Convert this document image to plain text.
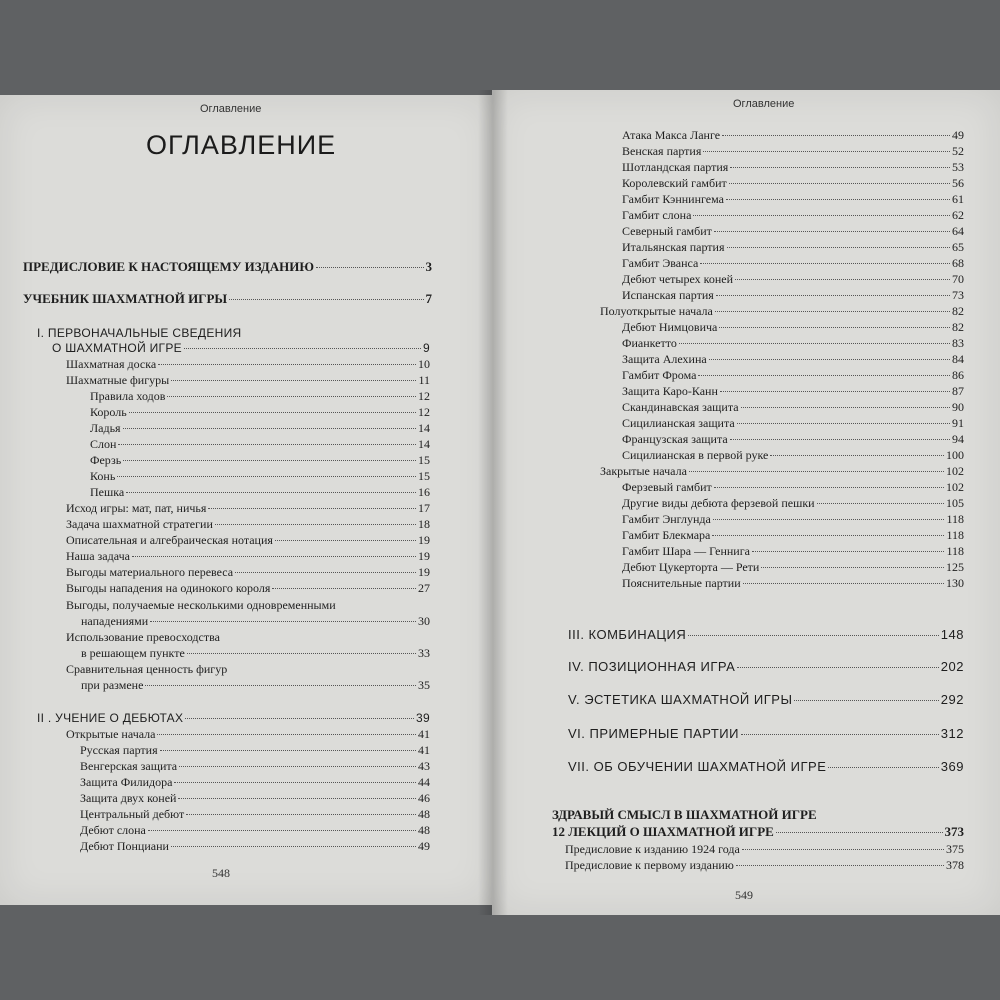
Оглавление
ОГЛАВЛЕНИЕ
ПРЕДИСЛОВИЕ К НАСТОЯЩЕМУ ИЗДАНИЮ	3
УЧЕБНИК ШАХМАТНОЙ ИГРЫ	7
I. ПЕРВОНАЧАЛЬНЫЕ СВЕДЕНИЯ
О ШАХМАТНОЙ ИГРЕ	9
Шахматная доска	10
Шахматные фигуры	11
Правила ходов	12
Король	12
Ладья	14
Слон	14
Ферзь	15
Конь	15
Пешка	16
Исход игры: мат, пат, ничья	17
Задача шахматной стратегии	18
Описательная и алгебраическая нотация	19
Наша задача	19
Выгоды материального перевеса	19
Выгоды нападения на одинокого короля	27
Выгоды, получаемые несколькими одновременными
нападениями	30
Использование превосходства
в решающем пункте	33
Сравнительная ценность фигур
при размене	35
II . УЧЕНИЕ О ДЕБЮТАХ	39
Открытые начала	41
Русская партия	41
Венгерская защита	43
Защита Филидора	44
Защита двух коней	46
Центральный дебют	48
Дебют слона	48
Дебют Понциани	49
548
Оглавление
Атака Макса Ланге	49
Венская партия	52
Шотландская партия	53
Королевский гамбит	56
Гамбит Кэннингема	61
Гамбит слона	62
Северный гамбит	64
Итальянская партия	65
Гамбит Эванса	68
Дебют четырех коней	70
Испанская партия	73
Полуоткрытые начала	82
Дебют Нимцовича	82
Фианкетто	83
Защита Алехина	84
Гамбит Фрома	86
Защита Каро-Канн	87
Скандинавская защита	90
Сицилианская защита	91
Французская защита	94
Сицилианская в первой руке	100
Закрытые начала	102
Ферзевый гамбит	102
Другие виды дебюта ферзевой пешки	105
Гамбит Энглунда	118
Гамбит Блекмара	118
Гамбит Шара — Геннига	118
Дебют Цукерторта — Рети	125
Пояснительные партии	130
III. КОМБИНАЦИЯ	148
IV. ПОЗИЦИОННАЯ ИГРА	202
V. ЭСТЕТИКА ШАХМАТНОЙ ИГРЫ	292
VI. ПРИМЕРНЫЕ ПАРТИИ	312
VII. ОБ ОБУЧЕНИИ ШАХМАТНОЙ ИГРЕ	369
ЗДРАВЫЙ СМЫСЛ В ШАХМАТНОЙ ИГРЕ
12 ЛЕКЦИЙ О ШАХМАТНОЙ ИГРЕ	373
Предисловие к изданию 1924 года	375
Предисловие к первому изданию	378
549
